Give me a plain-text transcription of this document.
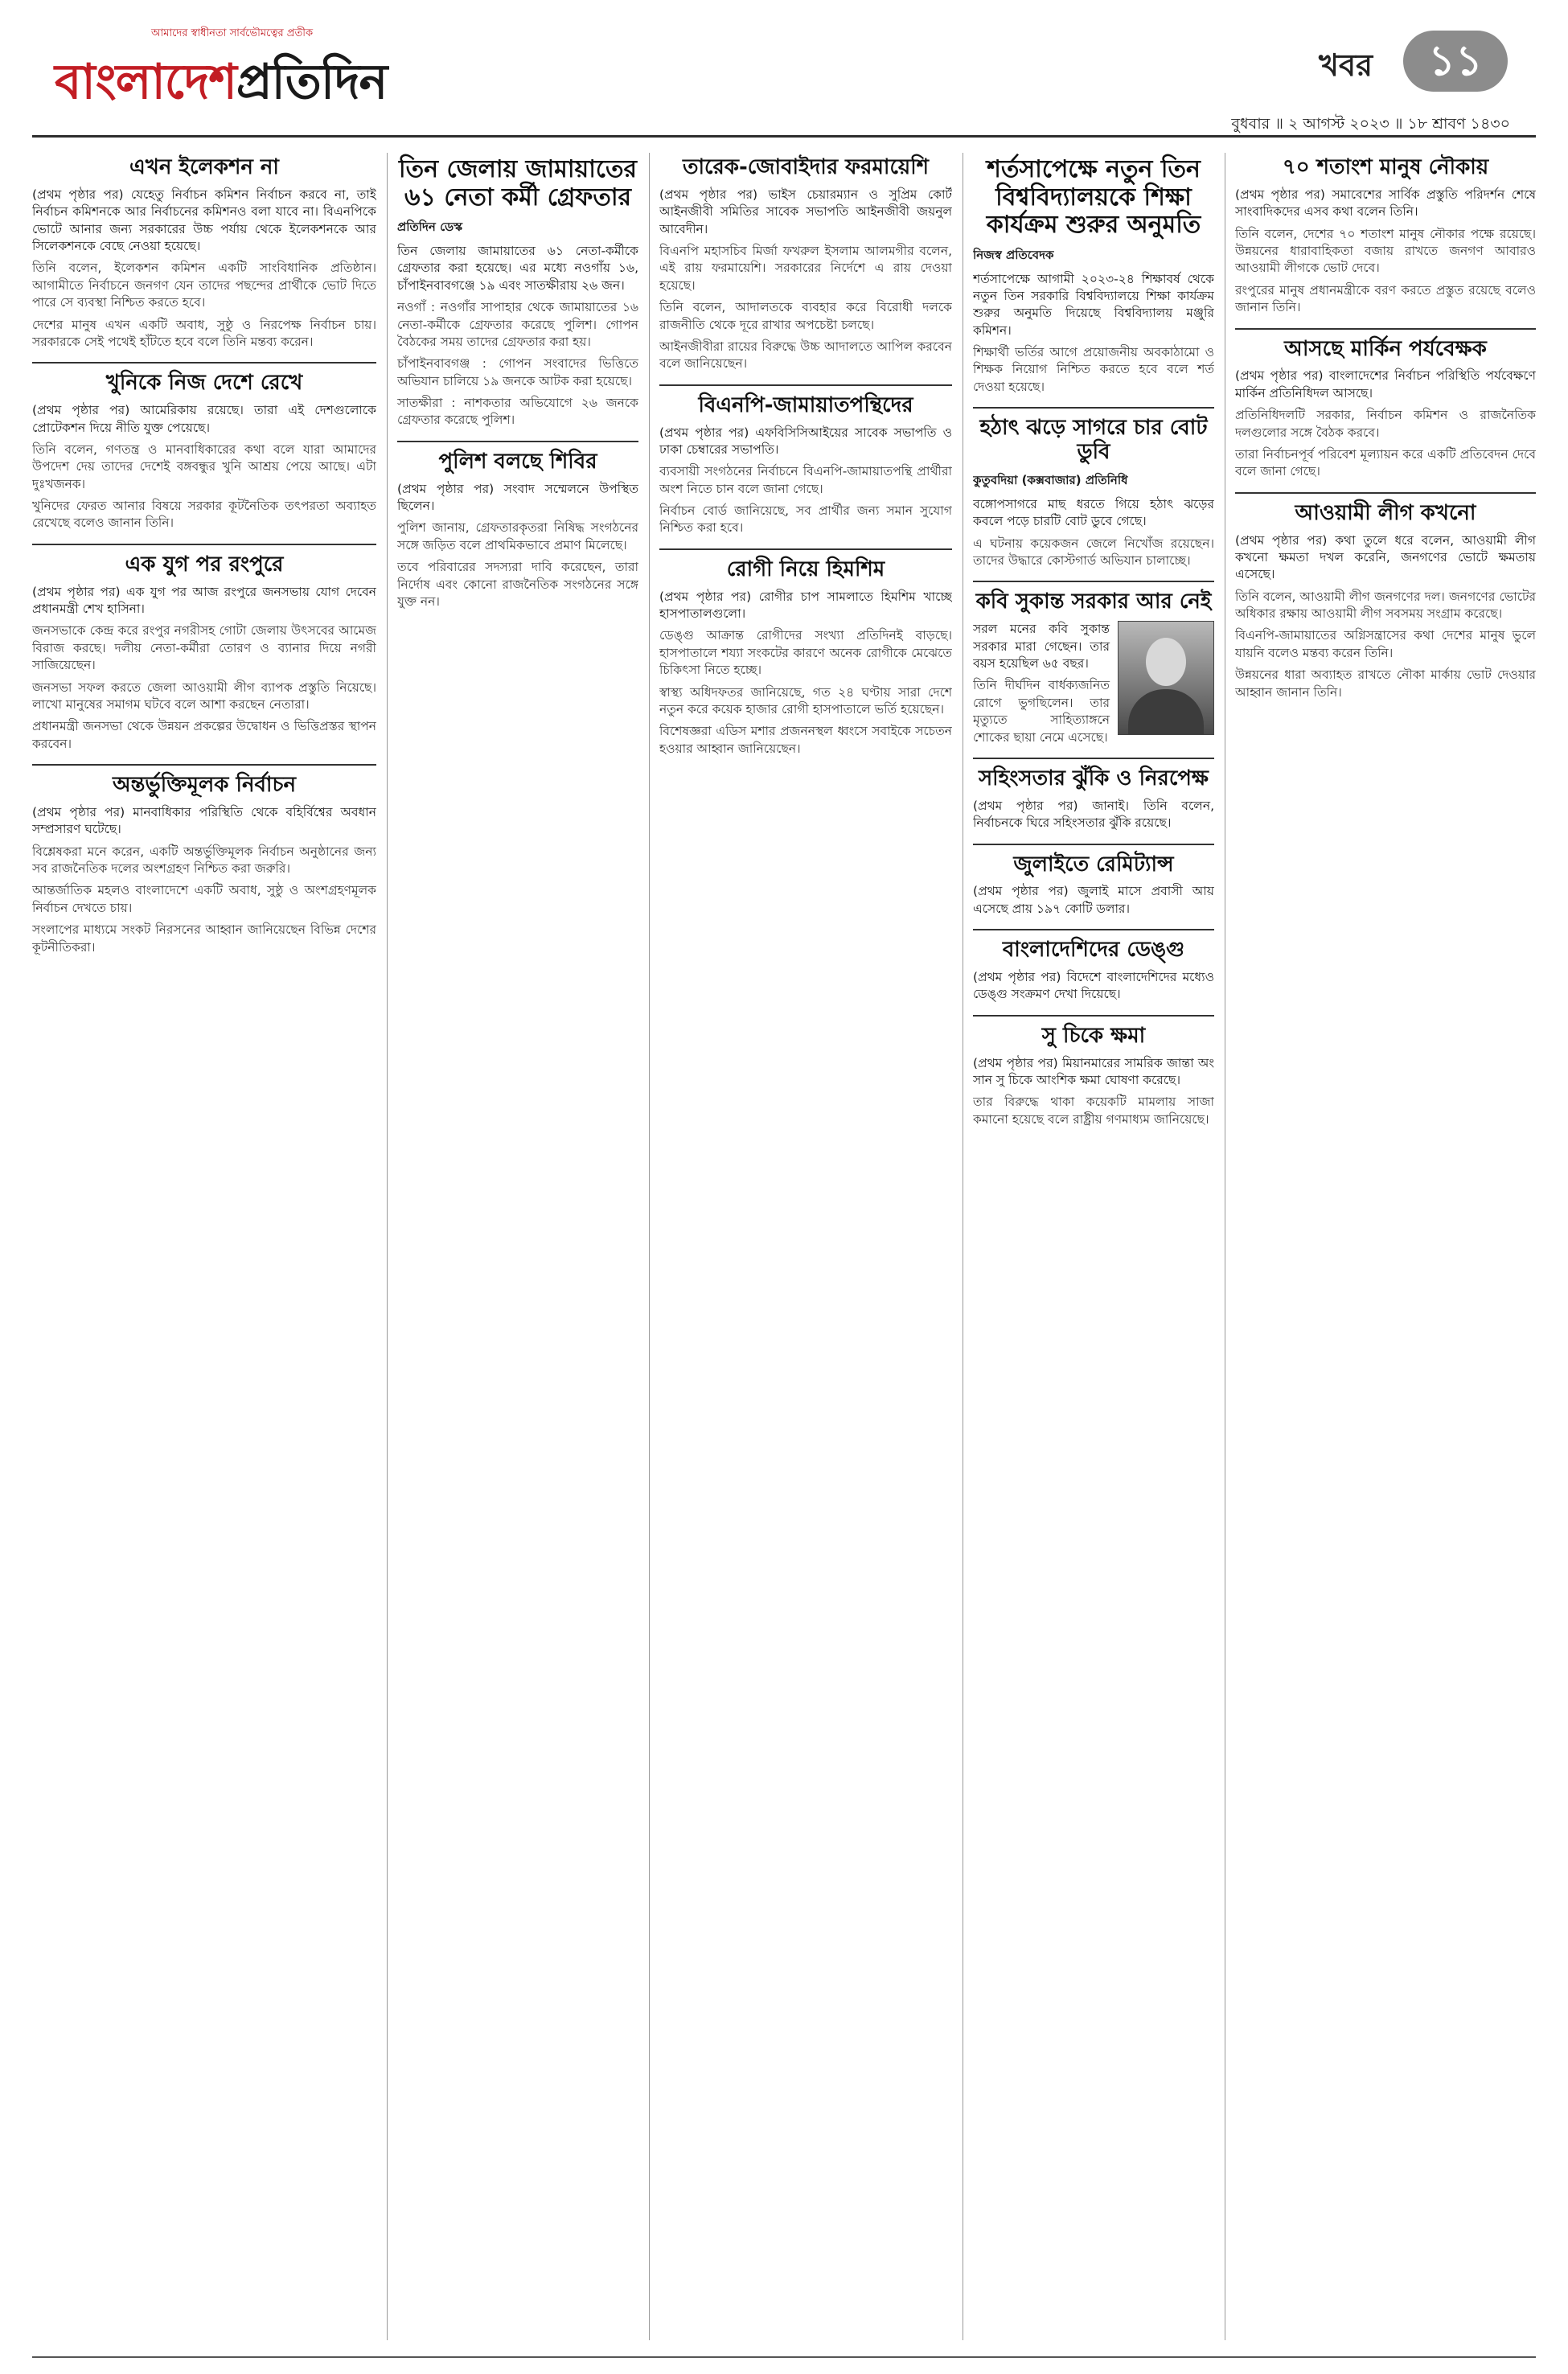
আমাদের স্বাধীনতা সার্বভৌমত্বের প্রতীক
বাংলাদেশপ্রতিদিন	খবর	১১
বুধবার ॥ ২ আগস্ট ২০২৩ ॥ ১৮ শ্রাবণ ১৪৩০
এখন ইলেকশন না

(প্রথম পৃষ্ঠার পর) যেহেতু নির্বাচন কমিশন নির্বাচন করবে না, তাই নির্বাচন কমিশনকে আর নির্বাচনের কমিশনও বলা যাবে না। বিএনপিকে ভোটে আনার জন্য সরকারের উচ্চ পর্যায় থেকে ইলেকশনকে আর সিলেকশনকে বেছে নেওয়া হয়েছে।

তিনি বলেন, ইলেকশন কমিশন একটি সাংবিধানিক প্রতিষ্ঠান। আগামীতে নির্বাচনে জনগণ যেন তাদের পছন্দের প্রার্থীকে ভোট দিতে পারে সে ব্যবস্থা নিশ্চিত করতে হবে।

দেশের মানুষ এখন একটি অবাধ, সুষ্ঠু ও নিরপেক্ষ নির্বাচন চায়। সরকারকে সেই পথেই হাঁটতে হবে বলে তিনি মন্তব্য করেন।

খুনিকে নিজ দেশে রেখে

(প্রথম পৃষ্ঠার পর) আমেরিকায় রয়েছে। তারা এই দেশগুলোকে প্রোটেকশন দিয়ে নীতি যুক্ত পেয়েছে।

তিনি বলেন, গণতন্ত্র ও মানবাধিকারের কথা বলে যারা আমাদের উপদেশ দেয় তাদের দেশেই বঙ্গবন্ধুর খুনি আশ্রয় পেয়ে আছে। এটা দুঃখজনক।

খুনিদের ফেরত আনার বিষয়ে সরকার কূটনৈতিক তৎপরতা অব্যাহত রেখেছে বলেও জানান তিনি।

এক যুগ পর রংপুরে

(প্রথম পৃষ্ঠার পর) এক যুগ পর আজ রংপুরে জনসভায় যোগ দেবেন প্রধানমন্ত্রী শেখ হাসিনা।

জনসভাকে কেন্দ্র করে রংপুর নগরীসহ গোটা জেলায় উৎসবের আমেজ বিরাজ করছে। দলীয় নেতা-কর্মীরা তোরণ ও ব্যানার দিয়ে নগরী সাজিয়েছেন।

জনসভা সফল করতে জেলা আওয়ামী লীগ ব্যাপক প্রস্তুতি নিয়েছে। লাখো মানুষের সমাগম ঘটবে বলে আশা করছেন নেতারা।

প্রধানমন্ত্রী জনসভা থেকে উন্নয়ন প্রকল্পের উদ্বোধন ও ভিত্তিপ্রস্তর স্থাপন করবেন।

অন্তর্ভুক্তিমূলক নির্বাচন

(প্রথম পৃষ্ঠার পর) মানবাধিকার পরিস্থিতি থেকে বহির্বিশ্বের অবধান সম্প্রসারণ ঘটেছে।

বিশ্লেষকরা মনে করেন, একটি অন্তর্ভুক্তিমূলক নির্বাচন অনুষ্ঠানের জন্য সব রাজনৈতিক দলের অংশগ্রহণ নিশ্চিত করা জরুরি।

আন্তর্জাতিক মহলও বাংলাদেশে একটি অবাধ, সুষ্ঠু ও অংশগ্রহণমূলক নির্বাচন দেখতে চায়।

সংলাপের মাধ্যমে সংকট নিরসনের আহ্বান জানিয়েছেন বিভিন্ন দেশের কূটনীতিকরা।

তিন জেলায় জামায়াতের ৬১ নেতা কর্মী গ্রেফতার
প্রতিদিন ডেস্ক

তিন জেলায় জামায়াতের ৬১ নেতা-কর্মীকে গ্রেফতার করা হয়েছে। এর মধ্যে নওগাঁয় ১৬, চাঁপাইনবাবগঞ্জে ১৯ এবং সাতক্ষীরায় ২৬ জন।

নওগাঁ : নওগাঁর সাপাহার থেকে জামায়াতের ১৬ নেতা-কর্মীকে গ্রেফতার করেছে পুলিশ। গোপন বৈঠকের সময় তাদের গ্রেফতার করা হয়।

চাঁপাইনবাবগঞ্জ : গোপন সংবাদের ভিত্তিতে অভিযান চালিয়ে ১৯ জনকে আটক করা হয়েছে।

সাতক্ষীরা : নাশকতার অভিযোগে ২৬ জনকে গ্রেফতার করেছে পুলিশ।

পুলিশ বলছে শিবির

(প্রথম পৃষ্ঠার পর) সংবাদ সম্মেলনে উপস্থিত ছিলেন।

পুলিশ জানায়, গ্রেফতারকৃতরা নিষিদ্ধ সংগঠনের সঙ্গে জড়িত বলে প্রাথমিকভাবে প্রমাণ মিলেছে।

তবে পরিবারের সদস্যরা দাবি করেছেন, তারা নির্দোষ এবং কোনো রাজনৈতিক সংগঠনের সঙ্গে যুক্ত নন।

তারেক-জোবাইদার ফরমায়েশি

(প্রথম পৃষ্ঠার পর) ভাইস চেয়ারম্যান ও সুপ্রিম কোর্ট আইনজীবী সমিতির সাবেক সভাপতি আইনজীবী জয়নুল আবেদীন।

বিএনপি মহাসচিব মির্জা ফখরুল ইসলাম আলমগীর বলেন, এই রায় ফরমায়েশি। সরকারের নির্দেশে এ রায় দেওয়া হয়েছে।

তিনি বলেন, আদালতকে ব্যবহার করে বিরোধী দলকে রাজনীতি থেকে দূরে রাখার অপচেষ্টা চলছে।

আইনজীবীরা রায়ের বিরুদ্ধে উচ্চ আদালতে আপিল করবেন বলে জানিয়েছেন।

বিএনপি-জামায়াতপন্থিদের

(প্রথম পৃষ্ঠার পর) এফবিসিসিআইয়ের সাবেক সভাপতি ও ঢাকা চেম্বারের সভাপতি।

ব্যবসায়ী সংগঠনের নির্বাচনে বিএনপি-জামায়াতপন্থি প্রার্থীরা অংশ নিতে চান বলে জানা গেছে।

নির্বাচন বোর্ড জানিয়েছে, সব প্রার্থীর জন্য সমান সুযোগ নিশ্চিত করা হবে।

রোগী নিয়ে হিমশিম

(প্রথম পৃষ্ঠার পর) রোগীর চাপ সামলাতে হিমশিম খাচ্ছে হাসপাতালগুলো।

ডেঙ্গু আক্রান্ত রোগীদের সংখ্যা প্রতিদিনই বাড়ছে। হাসপাতালে শয্যা সংকটের কারণে অনেক রোগীকে মেঝেতে চিকিৎসা নিতে হচ্ছে।

স্বাস্থ্য অধিদফতর জানিয়েছে, গত ২৪ ঘণ্টায় সারা দেশে নতুন করে কয়েক হাজার রোগী হাসপাতালে ভর্তি হয়েছেন।

বিশেষজ্ঞরা এডিস মশার প্রজননস্থল ধ্বংসে সবাইকে সচেতন হওয়ার আহ্বান জানিয়েছেন।

শর্তসাপেক্ষে নতুন তিন বিশ্ববিদ্যালয়কে শিক্ষা কার্যক্রম শুরুর অনুমতি
নিজস্ব প্রতিবেদক

শর্তসাপেক্ষে আগামী ২০২৩-২৪ শিক্ষাবর্ষ থেকে নতুন তিন সরকারি বিশ্ববিদ্যালয়ে শিক্ষা কার্যক্রম শুরুর অনুমতি দিয়েছে বিশ্ববিদ্যালয় মঞ্জুরি কমিশন।

শিক্ষার্থী ভর্তির আগে প্রয়োজনীয় অবকাঠামো ও শিক্ষক নিয়োগ নিশ্চিত করতে হবে বলে শর্ত দেওয়া হয়েছে।

হঠাৎ ঝড়ে সাগরে চার বোট ডুবি
কুতুবদিয়া (কক্সবাজার) প্রতিনিধি

বঙ্গোপসাগরে মাছ ধরতে গিয়ে হঠাৎ ঝড়ের কবলে পড়ে চারটি বোট ডুবে গেছে।

এ ঘটনায় কয়েকজন জেলে নিখোঁজ রয়েছেন। তাদের উদ্ধারে কোস্টগার্ড অভিযান চালাচ্ছে।

কবি সুকান্ত সরকার আর নেই

সরল মনের কবি সুকান্ত সরকার মারা গেছেন। তার বয়স হয়েছিল ৬৫ বছর।

তিনি দীর্ঘদিন বার্ধক্যজনিত রোগে ভুগছিলেন। তার মৃত্যুতে সাহিত্যাঙ্গনে শোকের ছায়া নেমে এসেছে।

সহিংসতার ঝুঁকি ও নিরপেক্ষ

(প্রথম পৃষ্ঠার পর) জানাই। তিনি বলেন, নির্বাচনকে ঘিরে সহিংসতার ঝুঁকি রয়েছে।

জুলাইতে রেমিট্যান্স

(প্রথম পৃষ্ঠার পর) জুলাই মাসে প্রবাসী আয় এসেছে প্রায় ১৯৭ কোটি ডলার।

বাংলাদেশিদের ডেঙ্গু

(প্রথম পৃষ্ঠার পর) বিদেশে বাংলাদেশিদের মধ্যেও ডেঙ্গু সংক্রমণ দেখা দিয়েছে।

সু চিকে ক্ষমা

(প্রথম পৃষ্ঠার পর) মিয়ানমারের সামরিক জান্তা অং সান সু চিকে আংশিক ক্ষমা ঘোষণা করেছে।

তার বিরুদ্ধে থাকা কয়েকটি মামলায় সাজা কমানো হয়েছে বলে রাষ্ট্রীয় গণমাধ্যম জানিয়েছে।

৭০ শতাংশ মানুষ নৌকায়

(প্রথম পৃষ্ঠার পর) সমাবেশের সার্বিক প্রস্তুতি পরিদর্শন শেষে সাংবাদিকদের এসব কথা বলেন তিনি।

তিনি বলেন, দেশের ৭০ শতাংশ মানুষ নৌকার পক্ষে রয়েছে। উন্নয়নের ধারাবাহিকতা বজায় রাখতে জনগণ আবারও আওয়ামী লীগকে ভোট দেবে।

রংপুরের মানুষ প্রধানমন্ত্রীকে বরণ করতে প্রস্তুত রয়েছে বলেও জানান তিনি।

আসছে মার্কিন পর্যবেক্ষক

(প্রথম পৃষ্ঠার পর) বাংলাদেশের নির্বাচন পরিস্থিতি পর্যবেক্ষণে মার্কিন প্রতিনিধিদল আসছে।

প্রতিনিধিদলটি সরকার, নির্বাচন কমিশন ও রাজনৈতিক দলগুলোর সঙ্গে বৈঠক করবে।

তারা নির্বাচনপূর্ব পরিবেশ মূল্যায়ন করে একটি প্রতিবেদন দেবে বলে জানা গেছে।

আওয়ামী লীগ কখনো

(প্রথম পৃষ্ঠার পর) কথা তুলে ধরে বলেন, আওয়ামী লীগ কখনো ক্ষমতা দখল করেনি, জনগণের ভোটে ক্ষমতায় এসেছে।

তিনি বলেন, আওয়ামী লীগ জনগণের দল। জনগণের ভোটের অধিকার রক্ষায় আওয়ামী লীগ সবসময় সংগ্রাম করেছে।

বিএনপি-জামায়াতের অগ্নিসন্ত্রাসের কথা দেশের মানুষ ভুলে যায়নি বলেও মন্তব্য করেন তিনি।

উন্নয়নের ধারা অব্যাহত রাখতে নৌকা মার্কায় ভোট দেওয়ার আহ্বান জানান তিনি।
